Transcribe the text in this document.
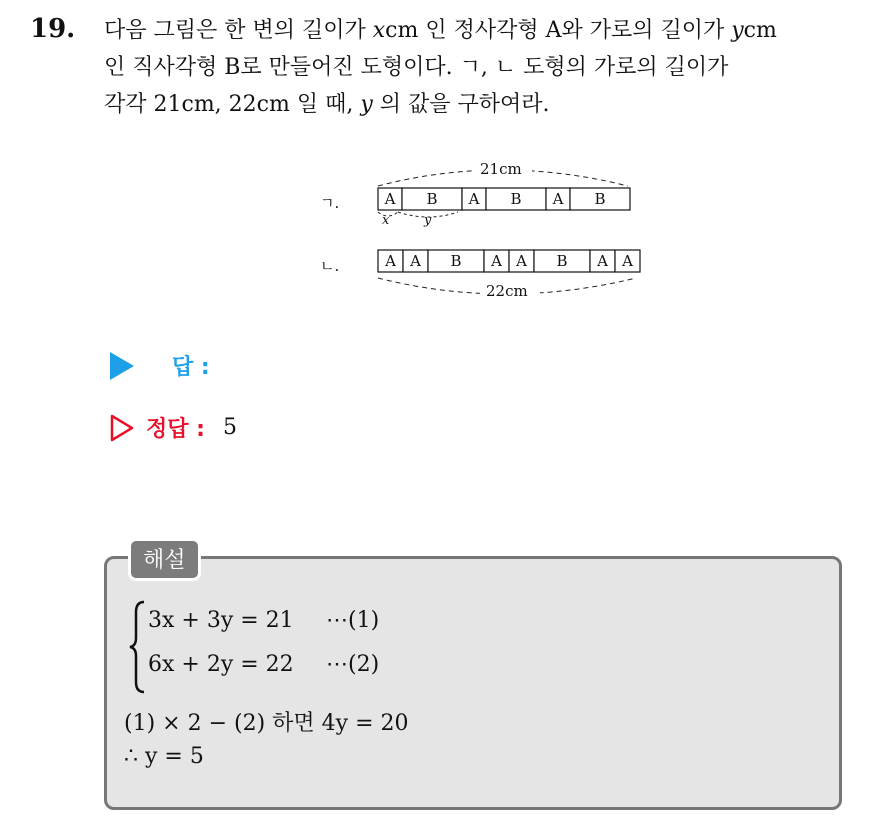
19. 다음 그림은 한 변의 길이가 xcm 인 정사각형 A와 가로의 길이가 ycm
인 직사각형 B로 만들어진 도형이다. ㄱ, ㄴ 도형의 가로의 길이가
각각 21cm, 22cm 일 때, y 의 값을 구하여라.
21cm
ㄱ.	A B A B A B
x	y
ㄴ.	A A B A A B A A
22cm
답 :
정답 : 5
해설
3x + 3y = 21 ⋯(1)
6x + 2y = 22 ⋯(2)
(1) × 2 − (2) 하면 4y = 20
∴ y = 5
